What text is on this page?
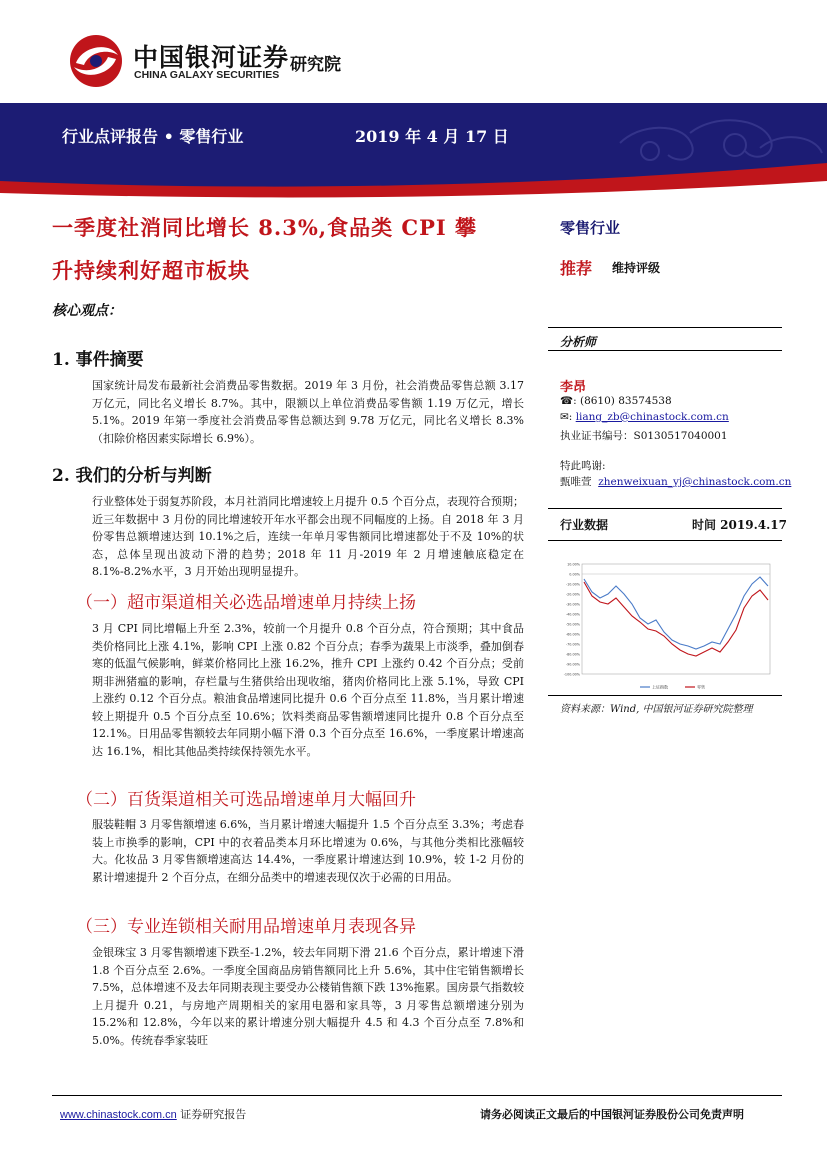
中国银河证券
CHINA GALAXY SECURITIES 研究院
行业点评报告 • 零售行业	2019 年 4 月 17 日
一季度社消同比增长 8.3%,食品类 CPI 攀
升持续利好超市板块
核心观点：
零售行业
推荐 维持评级
分析师
李昂
☎: (8610) 83574538
✉: liang_zb@chinastock.com.cn
执业证书编号：S0130517040001
特此鸣谢:
甄唯萱 zhenweixuan_yj@chinastock.com.cn
行业数据	时间 2019.4.17
10.00%
0.00%
-10.00%
-20.00%
-30.00%
-40.00%
-50.00%
-60.00%
-70.00%
-80.00%
-90.00%
-100.00%
上证指数	零售
资料来源：Wind, 中国银河证券研究院整理
1. 事件摘要
国家统计局发布最新社会消费品零售数据。2019 年 3 月份，社会消费品零售总额 3.17 万亿元，同比名义增长 8.7%。其中，限额以上单位消费品零售额 1.19 万亿元，增长 5.1%。2019 年第一季度社会消费品零售总额达到 9.78 万亿元，同比名义增长 8.3%（扣除价格因素实际增长 6.9%）。
2. 我们的分析与判断
行业整体处于弱复苏阶段，本月社消同比增速较上月提升 0.5 个百分点，表现符合预期；近三年数据中 3 月份的同比增速较开年水平都会出现不同幅度的上扬。自 2018 年 3 月份零售总额增速达到 10.1%之后，连续一年单月零售额同比增速都处于不及 10%的状态，总体呈现出波动下滑的趋势；2018 年 11 月-2019 年 2 月增速触底稳定在 8.1%-8.2%水平，3 月开始出现明显提升。
（一）超市渠道相关必选品增速单月持续上扬
3 月 CPI 同比增幅上升至 2.3%，较前一个月提升 0.8 个百分点，符合预期；其中食品类价格同比上涨 4.1%，影响 CPI 上涨 0.82 个百分点；春季为蔬果上市淡季，叠加倒春寒的低温气候影响，鲜菜价格同比上涨 16.2%，推升 CPI 上涨约 0.42 个百分点；受前期非洲猪瘟的影响，存栏量与生猪供给出现收缩，猪肉价格同比上涨 5.1%，导致 CPI 上涨约 0.12 个百分点。粮油食品增速同比提升 0.6 个百分点至 11.8%，当月累计增速较上期提升 0.5 个百分点至 10.6%；饮料类商品零售额增速同比提升 0.8 个百分点至 12.1%。日用品零售额较去年同期小幅下滑 0.3 个百分点至 16.6%，一季度累计增速高达 16.1%，相比其他品类持续保持领先水平。
（二）百货渠道相关可选品增速单月大幅回升
服装鞋帽 3 月零售额增速 6.6%，当月累计增速大幅提升 1.5 个百分点至 3.3%；考虑春装上市换季的影响，CPI 中的衣着品类本月环比增速为 0.6%，与其他分类相比涨幅较大。化妆品 3 月零售额增速高达 14.4%，一季度累计增速达到 10.9%，较 1-2 月份的累计增速提升 2 个百分点，在细分品类中的增速表现仅次于必需的日用品。
（三）专业连锁相关耐用品增速单月表现各异
金银珠宝 3 月零售额增速下跌至-1.2%，较去年同期下滑 21.6 个百分点，累计增速下滑 1.8 个百分点至 2.6%。一季度全国商品房销售额同比上升 5.6%，其中住宅销售额增长 7.5%，总体增速不及去年同期表现主要受办公楼销售额下跌 13%拖累。国房景气指数较上月提升 0.21，与房地产周期相关的家用电器和家具等，3 月零售总额增速分别为 15.2%和 12.8%，今年以来的累计增速分别大幅提升 4.5 和 4.3 个百分点至 7.8%和 5.0%。传统春季家装旺
www.chinastock.com.cn 证券研究报告	请务必阅读正文最后的中国银河证券股份公司免责声明
